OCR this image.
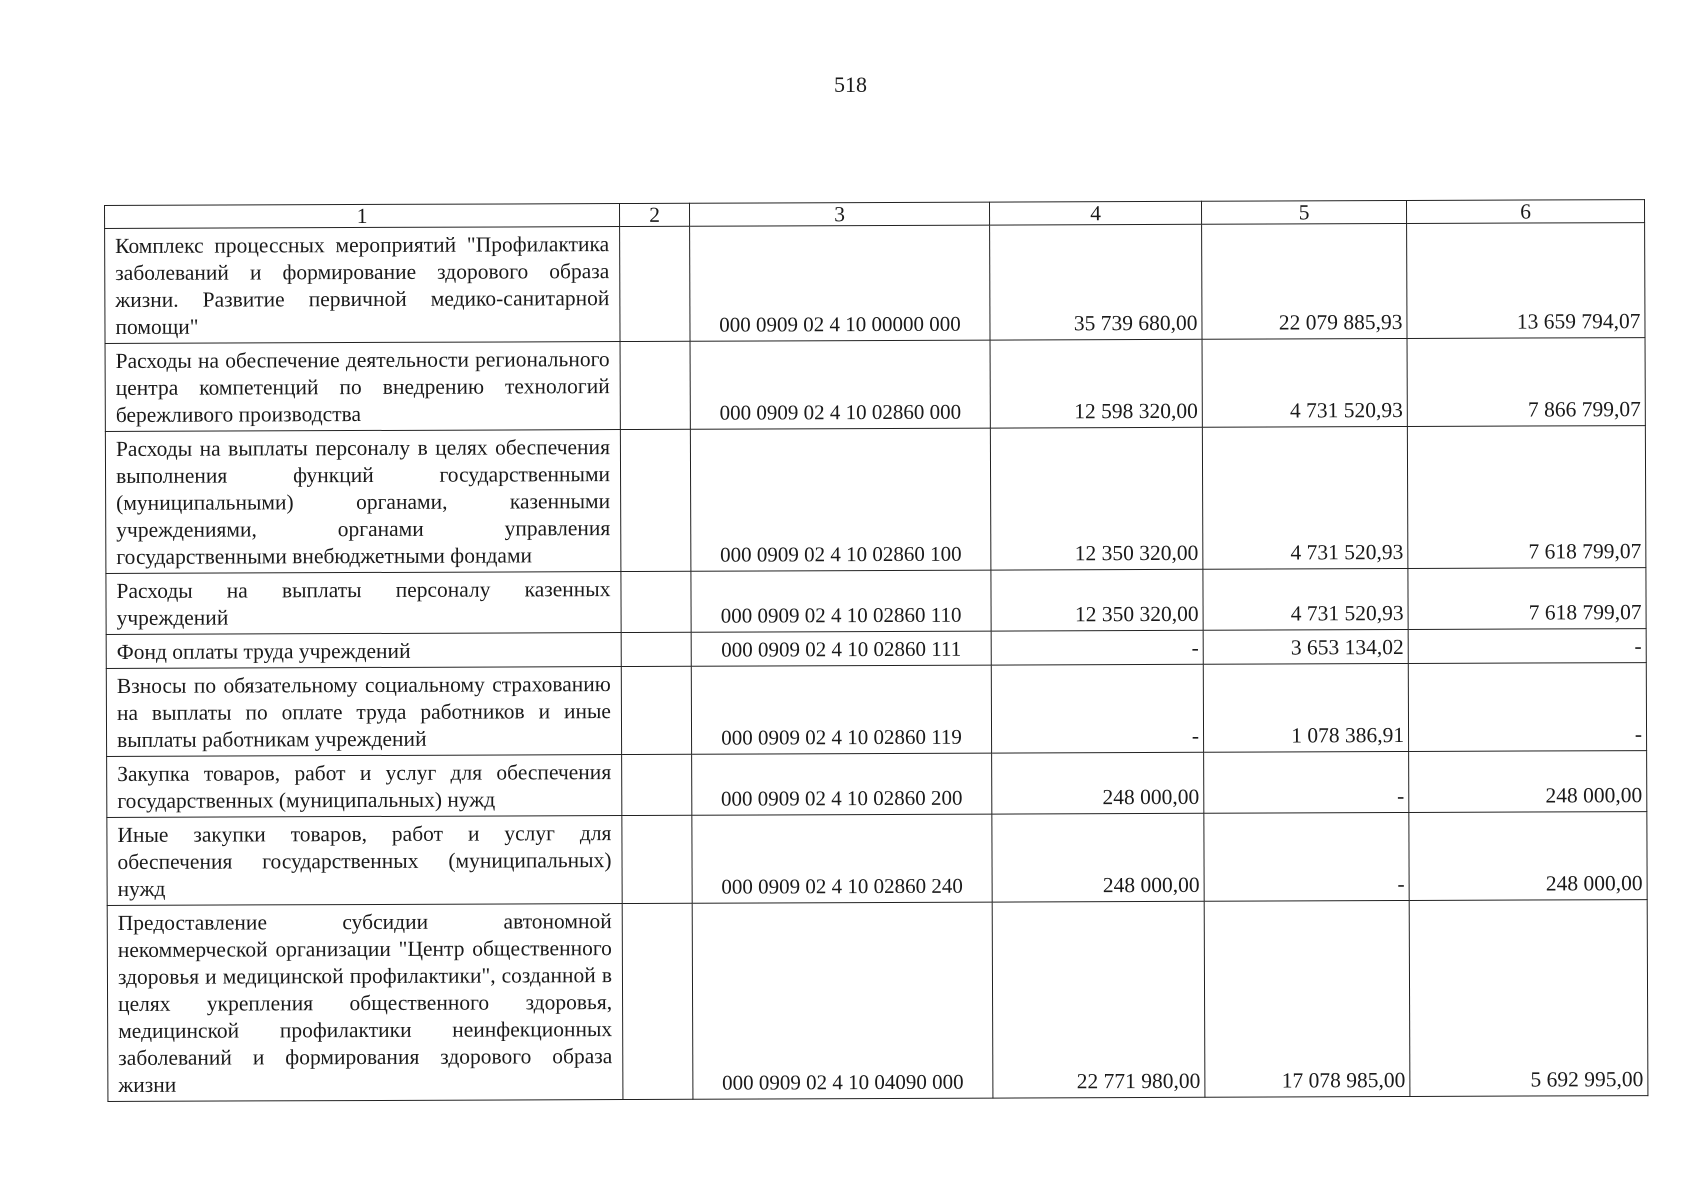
518
1	2	3	4	5	6
Комплекс процессных мероприятий "Профилактика заболеваний и формирование здорового образа жизни. Развитие первичной медико-санитарной помощи"		000 0909 02 4 10 00000 000	35 739 680,00	22 079 885,93	13 659 794,07
Расходы на обеспечение деятельности регионального центра компетенций по внедрению технологий бережливого производства		000 0909 02 4 10 02860 000	12 598 320,00	4 731 520,93	7 866 799,07
Расходы на выплаты персоналу в целях обеспечения выполнения функций государственными (муниципальными) органами, казенными учреждениями, органами управления государственными внебюджетными фондами		000 0909 02 4 10 02860 100	12 350 320,00	4 731 520,93	7 618 799,07
Расходы на выплаты персоналу казенных учреждений		000 0909 02 4 10 02860 110	12 350 320,00	4 731 520,93	7 618 799,07
Фонд оплаты труда учреждений		000 0909 02 4 10 02860 111	-	3 653 134,02	-
Взносы по обязательному социальному страхованию на выплаты по оплате труда работников и иные выплаты работникам учреждений		000 0909 02 4 10 02860 119	-	1 078 386,91	-
Закупка товаров, работ и услуг для обеспечения государственных (муниципальных) нужд		000 0909 02 4 10 02860 200	248 000,00	-	248 000,00
Иные закупки товаров, работ и услуг для обеспечения государственных (муниципальных) нужд		000 0909 02 4 10 02860 240	248 000,00	-	248 000,00
Предоставление субсидии автономной некоммерческой организации "Центр общественного здоровья и медицинской профилактики", созданной в целях укрепления общественного здоровья, медицинской профилактики неинфекционных заболеваний и формирования здорового образа жизни		000 0909 02 4 10 04090 000	22 771 980,00	17 078 985,00	5 692 995,00
